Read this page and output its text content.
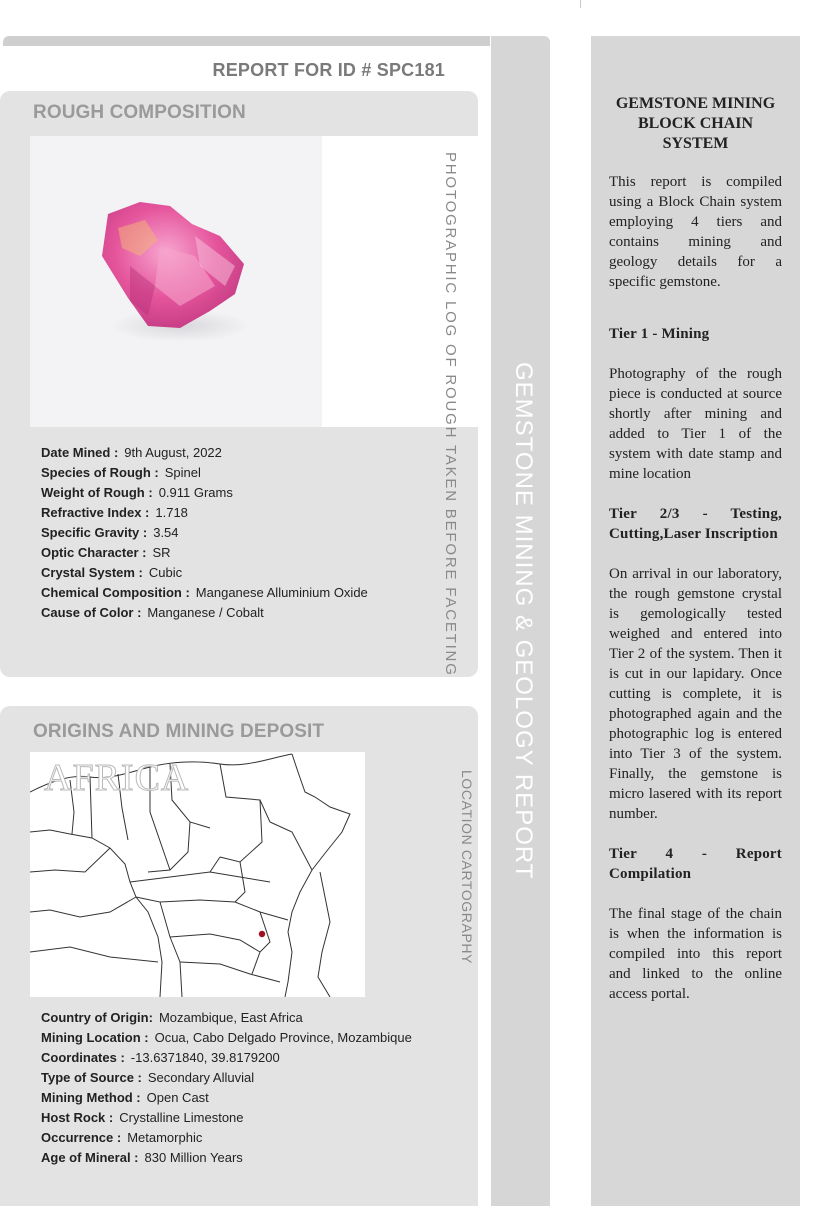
REPORT FOR ID # SPC181
GEMSTONE MINING & GEOLOGY REPORT
ROUGH COMPOSITION
PHOTOGRAPHIC LOG OF ROUGH TAKEN BEFORE FACETING
Date Mined : 9th August, 2022
Species of Rough : Spinel
Weight of Rough : 0.911 Grams
Refractive Index : 1.718
Specific Gravity : 3.54
Optic Character : SR
Crystal System : Cubic
Chemical Composition : Manganese Alluminium Oxide
Cause of Color : Manganese / Cobalt
ORIGINS AND MINING DEPOSIT
AFRICA	LOCATION CARTOGRAPHY
Country of Origin: Mozambique, East Africa
Mining Location : Ocua, Cabo Delgado Province, Mozambique
Coordinates : -13.6371840, 39.8179200
Type of Source : Secondary Alluvial
Mining Method : Open Cast
Host Rock : Crystalline Limestone
Occurrence : Metamorphic
Age of Mineral : 830 Million Years
GEMSTONE MINING BLOCK CHAIN SYSTEM

This report is compiled using a Block Chain system employing 4 tiers and contains mining and geology details for a specific gemstone.

Tier 1 - Mining

Photography of the rough piece is conducted at source shortly after mining and added to Tier 1 of the system with date stamp and mine location

Tier 2/3 - Testing, Cutting,Laser Inscription

On arrival in our laboratory, the rough gemstone crystal is gemologically tested weighed and entered into Tier 2 of the system. Then it is cut in our lapidary. Once cutting is complete, it is photographed again and the photographic log is entered into Tier 3 of the system. Finally, the gemstone is micro lasered with its report number.

Tier 4 - Report Compilation

The final stage of the chain is when the information is compiled into this report and linked to the online access portal.
